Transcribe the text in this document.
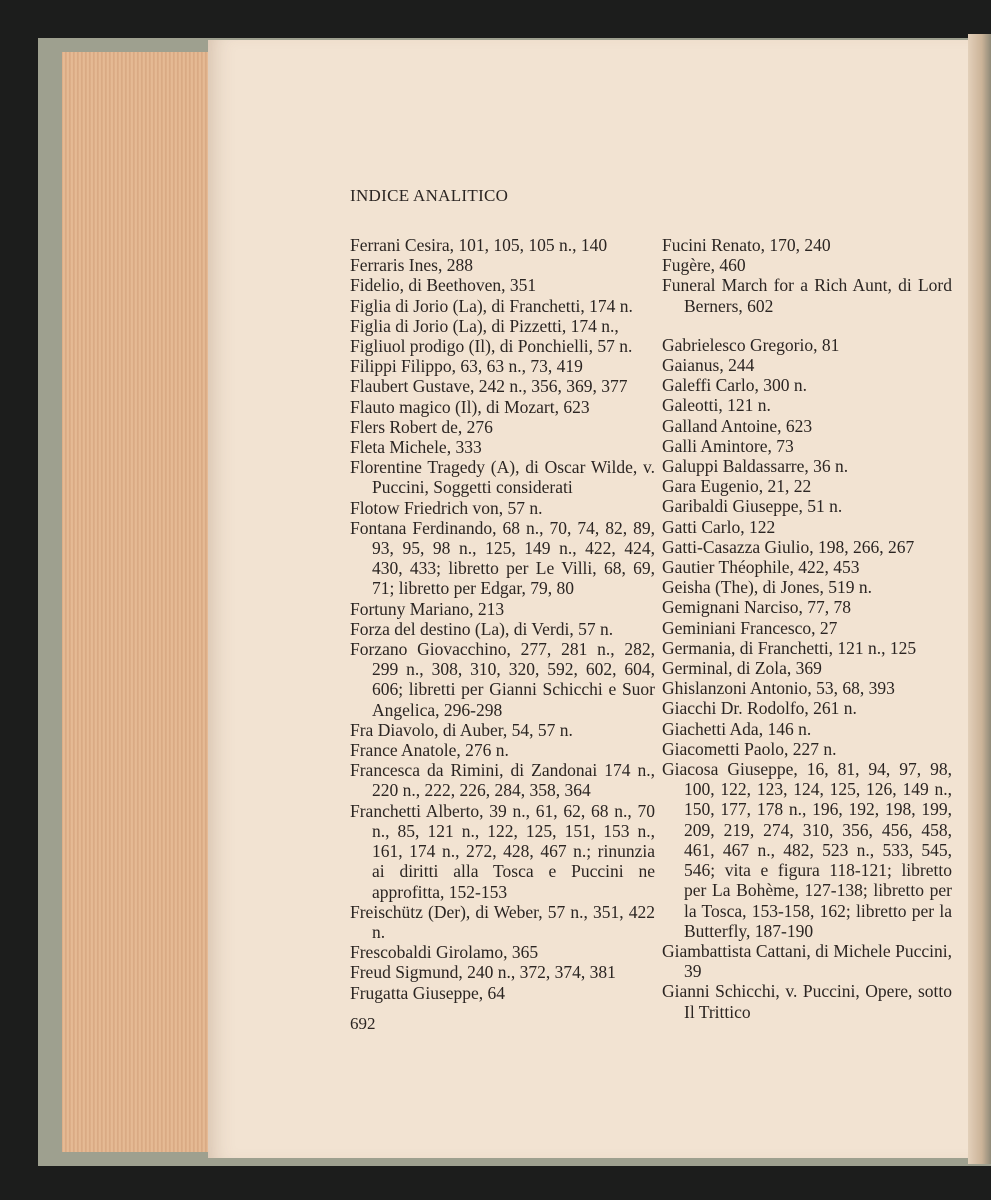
INDICE ANALITICO
Ferrani Cesira, 101, 105, 105 n., 140
Ferraris Ines, 288
Fidelio, di Beethoven, 351
Figlia di Jorio (La), di Franchetti, 174 n.
Figlia di Jorio (La), di Pizzetti, 174 n.,
Figliuol prodigo (Il), di Ponchielli, 57 n.
Filippi Filippo, 63, 63 n., 73, 419
Flaubert Gustave, 242 n., 356, 369, 377
Flauto magico (Il), di Mozart, 623
Flers Robert de, 276
Fleta Michele, 333
Florentine Tragedy (A), di Oscar Wilde, v. Puccini, Soggetti considerati
Flotow Friedrich von, 57 n.
Fontana Ferdinando, 68 n., 70, 74, 82, 89, 93, 95, 98 n., 125, 149 n., 422, 424, 430, 433; libretto per Le Villi, 68, 69, 71; libretto per Edgar, 79, 80
Fortuny Mariano, 213
Forza del destino (La), di Verdi, 57 n.
Forzano Giovacchino, 277, 281 n., 282, 299 n., 308, 310, 320, 592, 602, 604, 606; libretti per Gianni Schicchi e Suor Angelica, 296-298
Fra Diavolo, di Auber, 54, 57 n.
France Anatole, 276 n.
Francesca da Rimini, di Zandonai 174 n., 220 n., 222, 226, 284, 358, 364
Franchetti Alberto, 39 n., 61, 62, 68 n., 70 n., 85, 121 n., 122, 125, 151, 153 n., 161, 174 n., 272, 428, 467 n.; rinunzia ai diritti alla Tosca e Puccini ne approfitta, 152-153
Freischütz (Der), di Weber, 57 n., 351, 422 n.
Frescobaldi Girolamo, 365
Freud Sigmund, 240 n., 372, 374, 381
Frugatta Giuseppe, 64
Fucini Renato, 170, 240
Fugère, 460
Funeral March for a Rich Aunt, di Lord Berners, 602
Gabrielesco Gregorio, 81
Gaianus, 244
Galeffi Carlo, 300 n.
Galeotti, 121 n.
Galland Antoine, 623
Galli Amintore, 73
Galuppi Baldassarre, 36 n.
Gara Eugenio, 21, 22
Garibaldi Giuseppe, 51 n.
Gatti Carlo, 122
Gatti-Casazza Giulio, 198, 266, 267
Gautier Théophile, 422, 453
Geisha (The), di Jones, 519 n.
Gemignani Narciso, 77, 78
Geminiani Francesco, 27
Germania, di Franchetti, 121 n., 125
Germinal, di Zola, 369
Ghislanzoni Antonio, 53, 68, 393
Giacchi Dr. Rodolfo, 261 n.
Giachetti Ada, 146 n.
Giacometti Paolo, 227 n.
Giacosa Giuseppe, 16, 81, 94, 97, 98, 100, 122, 123, 124, 125, 126, 149 n., 150, 177, 178 n., 196, 192, 198, 199, 209, 219, 274, 310, 356, 456, 458, 461, 467 n., 482, 523 n., 533, 545, 546; vita e figura 118-121; libretto per La Bohème, 127-138; libretto per la Tosca, 153-158, 162; libretto per la Butterfly, 187-190
Giambattista Cattani, di Michele Puccini, 39
Gianni Schicchi, v. Puccini, Opere, sotto Il Trittico
692
